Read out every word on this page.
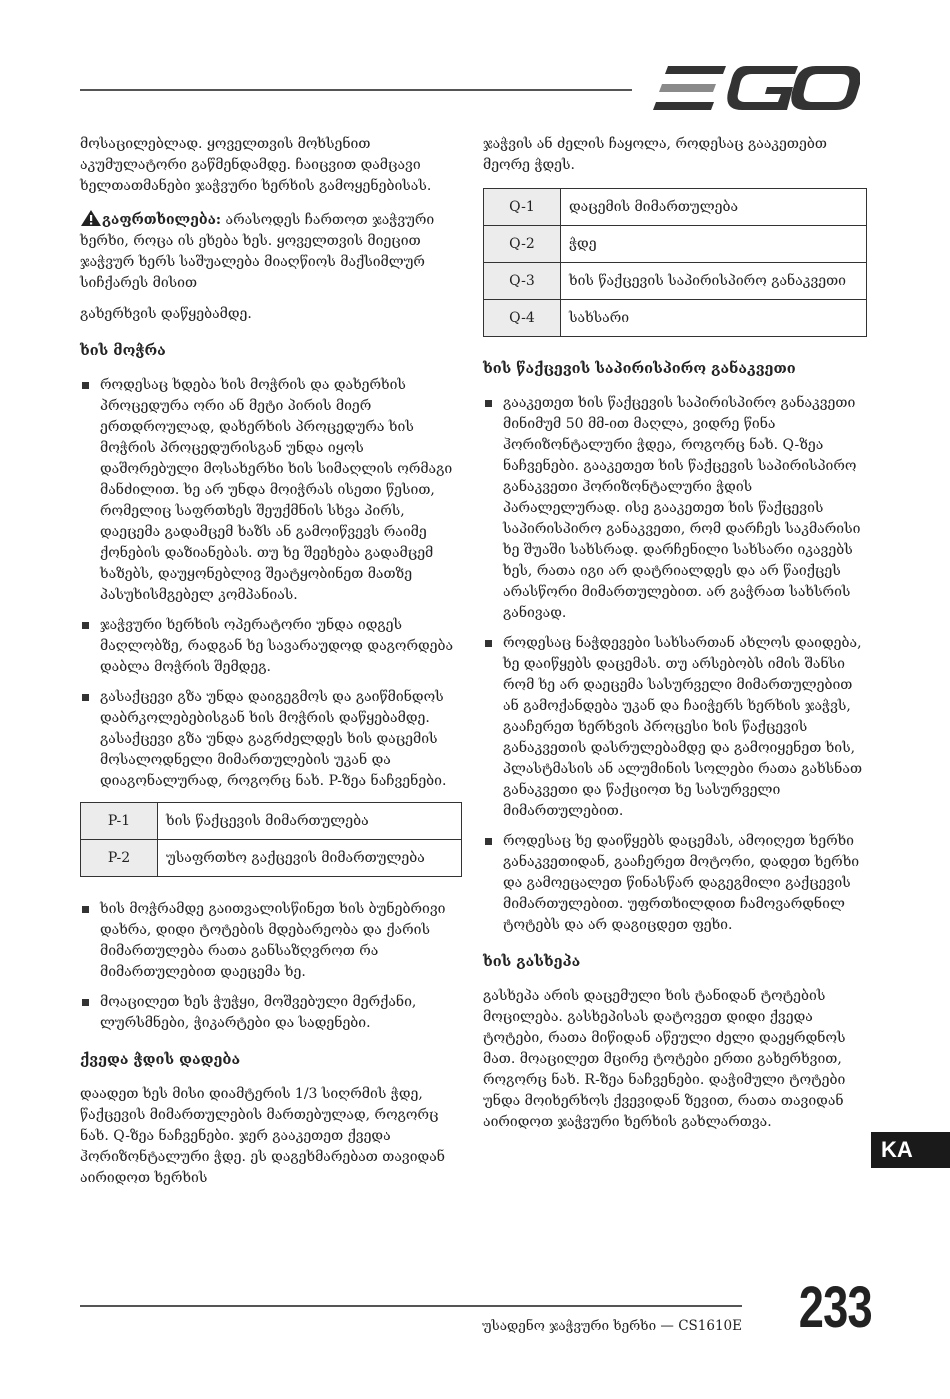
მოსაცილებლად. ყოველთვის მოხსენით აკუმულატორი გაწმენდამდე. ჩაიცვით დამცავი ხელთათმანები ჯაჭვური ხერხის გამოყენებისას.

გაფრთხილება: არასოდეს ჩართოთ ჯაჭვური ხერხი, როცა ის ეხება ხეს. ყოველთვის მიეცით ჯაჭვურ ხერს საშუალება მიაღწიოს მაქსიმლურ სიჩქარეს მისით

გახერხვის დაწყებამდე.

ხის მოჭრა
როდესაც ხდება ხის მოჭრის და დახერხის პროცედურა ორი ან მეტი პირის მიერ ერთდროულად, დახერხის პროცედურა ხის მოჭრის პროცედურისგან უნდა იყოს დაშორებული მოსახერხი ხის სიმაღლის ორმაგი მანძილით. ხე არ უნდა მოიჭრას ისეთი წესით, რომელიც საფრთხეს შეუქმნის სხვა პირს, დაეცემა გადამცემ ხაზს ან გამოიწვევს რაიმე ქონების დაზიანებას. თუ ხე შეეხება გადამცემ ხაზებს, დაუყონებლივ შეატყობინეთ მათზე პასუხისმგებელ კომპანიას.
ჯაჭვური ხერხის ოპერატორი უნდა იდგეს მაღლობზე, რადგან ხე სავარაუდოდ დაგორდება დაბლა მოჭრის შემდეგ.
გასაქცევი გზა უნდა დაიგეგმოს და გაიწმინდოს დაბრკოლებებისგან ხის მოჭრის დაწყებამდე. გასაქცევი გზა უნდა გაგრძელდეს ხის დაცემის მოსალოდნელი მიმართულების უკან და დიაგონალურად, როგორც ნახ. P-ზეა ნაჩვენები.
P-1	ხის წაქცევის მიმართულება
P-2	უსაფრთხო გაქცევის მიმართულება
ხის მოჭრამდე გაითვალისწინეთ ხის ბუნებრივი დახრა, დიდი ტოტების მდებარეობა და ქარის მიმართულება რათა განსაზღვროთ რა მიმართულებით დაეცემა ხე.
მოაცილეთ ხეს ჭუჭყი, მოშვებული მერქანი, ლურსმნები, ჭიკარტები და სადენები.
ქვედა ჭდის დადება

დაადეთ ხეს მისი დიამტერის 1/3 სიღრმის ჭდე, წაქცევის მიმართულების მართებულად, როგორც ნახ. Q-ზეა ნაჩვენები. ჯერ გააკეთეთ ქვედა ჰორიზონტალური ჭდე. ეს დაგეხმარებათ თავიდან აირიდოთ ხერხის

ჯაჭვის ან ძელის ჩაყოლა, როდესაც გააკეთებთ მეორე ჭდეს.

Q-1	დაცემის მიმართულება
Q-2	ჭდე
Q-3	ხის წაქცევის საპირისპირო განაკვეთი
Q-4	სახსარი
ხის წაქცევის საპირისპირო განაკვეთი
გააკეთეთ ხის წაქცევის საპირისპირო განაკვეთი მინიმუმ 50 მმ-ით მაღლა, ვიდრე წინა ჰორიზონტალური ჭდეა, როგორც ნახ. Q-ზეა ნაჩვენები. გააკეთეთ ხის წაქცევის საპირისპირო განაკვეთი ჰორიზონტალური ჭდის პარალელურად. ისე გააკეთეთ ხის წაქცევის საპირისპირო განაკვეთი, რომ დარჩეს საკმარისი ხე შუაში სახსრად. დარჩენილი სახსარი იკავებს ხეს, რათა იგი არ დატრიალდეს და არ წაიქცეს არასწორი მიმართულებით. არ გაჭრათ სახსრის განივად.
როდესაც ნაჭდევები სახსართან ახლოს დაიდება, ხე დაიწყებს დაცემას. თუ არსებობს იმის შანსი რომ ხე არ დაეცემა სასურველი მიმართულებით ან გამოქანდება უკან და ჩაიჭერს ხერხის ჯაჭვს, გააჩერეთ ხერხვის პროცესი ხის წაქცევის განაკვეთის დასრულებამდე და გამოიყენეთ ხის, პლასტმასის ან ალუმინის სოლები რათა გახსნათ განაკვეთი და წაქციოთ ხე სასურველი მიმართულებით.
როდესაც ხე დაიწყებს დაცემას, ამოიღეთ ხერხი განაკვეთიდან, გააჩერეთ მოტორი, დადეთ ხერხი და გამოეცალეთ წინასწარ დაგეგმილი გაქცევის მიმართულებით. უფრთხილდით ჩამოვარდნილ ტოტებს და არ დაგიცდეთ ფეხი.
ხის გასხეპა

გასხეპა არის დაცემული ხის ტანიდან ტოტების მოცილება. გასხეპისას დატოვეთ დიდი ქვედა ტოტები, რათა მიწიდან აწეული ძელი დაეყრდნოს მათ. მოაცილეთ მცირე ტოტები ერთი გახერხვით, როგორც ნახ. R-ზეა ნაჩვენები. დაჭიმული ტოტები უნდა მოიხერხოს ქვევიდან ზევით, რათა თავიდან აირიდოთ ჯაჭვური ხერხის გახლართვა.

KA
უსადენო ჯაჭვური ხერხი — CS1610E 233
